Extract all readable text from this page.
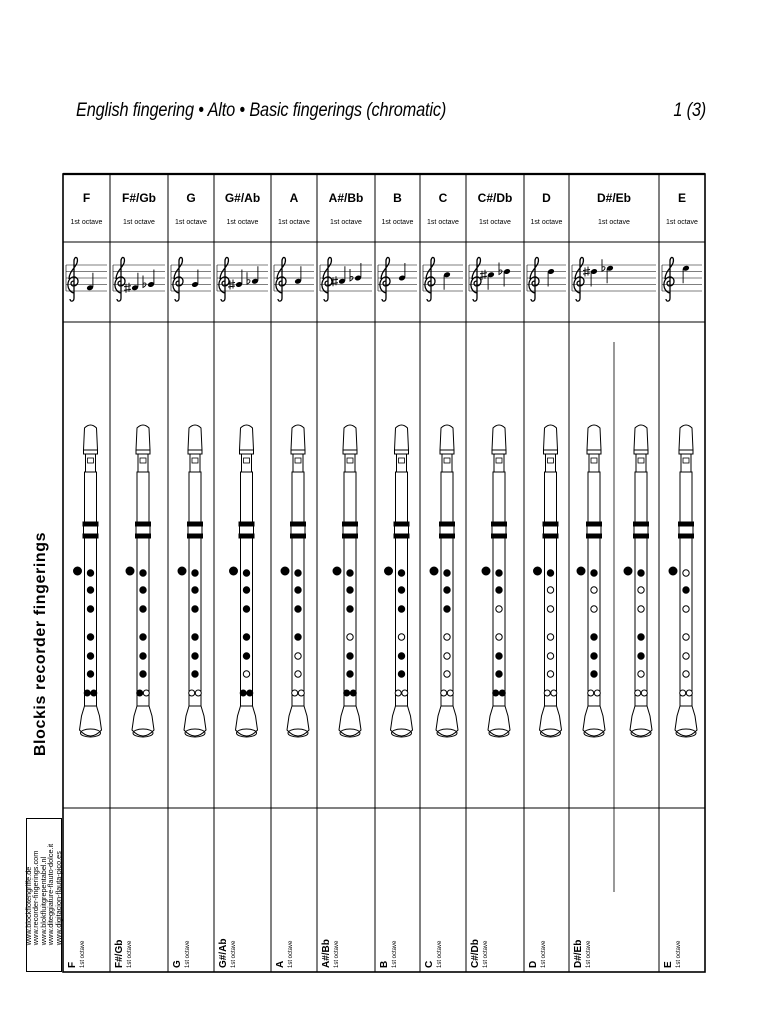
English fingering • Alto • Basic fingerings (chromatic)	1 (3)
Blockis recorder fingerings
www.blockflotengriffe.de
www.recorder-fingerings.com
www.blokfluitgrepentabel.nl
www.diteggiature-flauto-dolce.it
www.digitacion-flauta-pico.es
F
1st octave
F 1st octave
F#/Gb
1st octave
F#/Gb 1st octave
G
1st octave
G 1st octave
G#/Ab
1st octave
G#/Ab 1st octave
A
1st octave
A 1st octave
A#/Bb
1st octave
A#/Bb 1st octave
B
1st octave
B 1st octave
C
1st octave
C 1st octave
C#/Db
1st octave
C#/Db 1st octave
D
1st octave
D 1st octave
D#/Eb
1st octave
D#/Eb 1st octave
E
1st octave
E 1st octave
